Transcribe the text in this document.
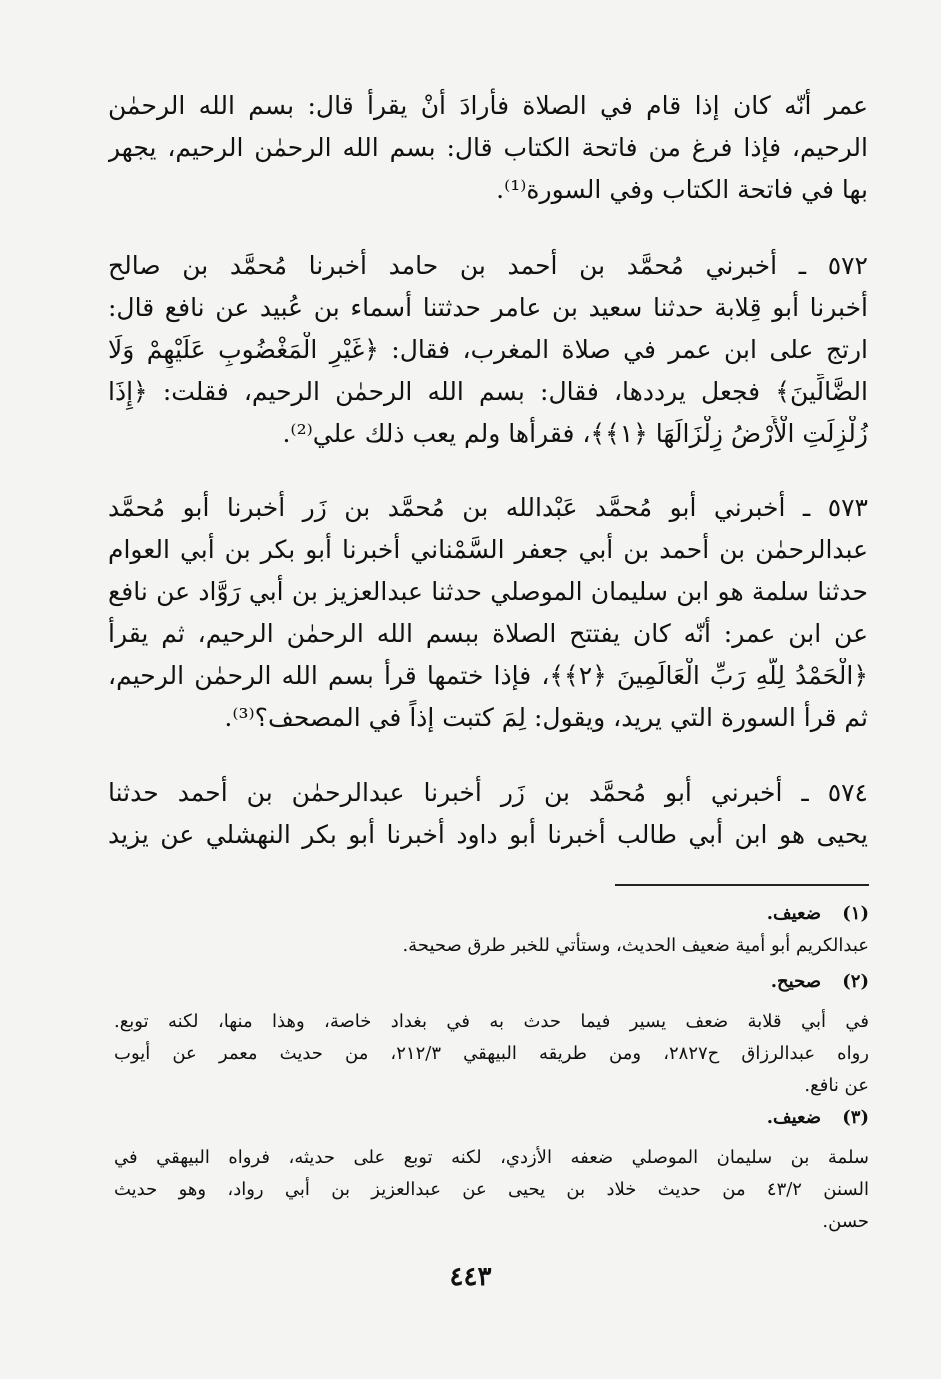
عمر أنّه كان إذا قام في الصلاة فأرادَ أنْ يقرأ قال: بسم الله الرحمٰن
الرحيم، فإذا فرغ من فاتحة الكتاب قال: بسم الله الرحمٰن الرحيم، يجهر
بها في فاتحة الكتاب وفي السورة⁽¹⁾.
٥٧٢ ـ أخبرني مُحمَّد بن أحمد بن حامد أخبرنا مُحمَّد بن صالح
أَخبرنا أبو قِلابة حدثنا سعيد بن عامر حدثتنا أسماء بن عُبيد عن نافع قال:
ارتج على ابن عمر في صلاة المغرب، فقال: ﴿غَيْرِ الْمَغْضُوبِ عَلَيْهِمْ وَلَا
الضَّالِّينَ﴾ فجعل يرددها، فقال: بسم الله الرحمٰن الرحيم، فقلت: ﴿إِذَا
زُلْزِلَتِ الْأَرْضُ زِلْزَالَهَا ﴿١﴾﴾، فقرأها ولم يعب ذلك علي⁽²⁾.
٥٧٣ ـ أخبرني أبو مُحمَّد عَبْدالله بن مُحمَّد بن زَر أخبرنا أبو مُحمَّد
عبدالرحمٰن بن أحمد بن أبي جعفر السَّمْناني أخبرنا أبو بكر بن أبي العوام
حدثنا سلمة هو ابن سليمان الموصلي حدثنا عبدالعزيز بن أبي رَوَّاد عن نافع
عن ابن عمر: أنّه كان يفتتح الصلاة ببسم الله الرحمٰن الرحيم، ثم يقرأ
﴿الْحَمْدُ لِلَّهِ رَبِّ الْعَالَمِينَ ﴿٢﴾﴾، فإذا ختمها قرأ بسم الله الرحمٰن الرحيم،
ثم قرأ السورة التي يريد، ويقول: لِمَ كتبت إذاً في المصحف؟⁽³⁾.
٥٧٤ ـ أخبرني أبو مُحمَّد بن زَر أخبرنا عبدالرحمٰن بن أحمد حدثنا
يحيى هو ابن أبي طالب أَخبرنا أبو داود أخبرنا أبو بكر النهشلي عن يزيد
(١)ضعيف.
عبدالكريم أبو أمية ضعيف الحديث، وستأتي للخبر طرق صحيحة.
(٢)صحيح.
في أبي قلابة ضعف يسير فيما حدث به في بغداد خاصة، وهذا منها، لكنه توبع.
رواه عبدالرزاق ح٢٨٢٧، ومن طريقه البيهقي ٢١٢/٣، من حديث معمر عن أيوب
عن نافع.
(٣)ضعيف.
سلمة بن سليمان الموصلي ضعفه الأزدي، لكنه توبع على حديثه، فرواه البيهقي في
السنن ٤٣/٢ من حديث خلاد بن يحيى عن عبدالعزيز بن أبي رواد، وهو حديث
حسن.
٤٤٣
